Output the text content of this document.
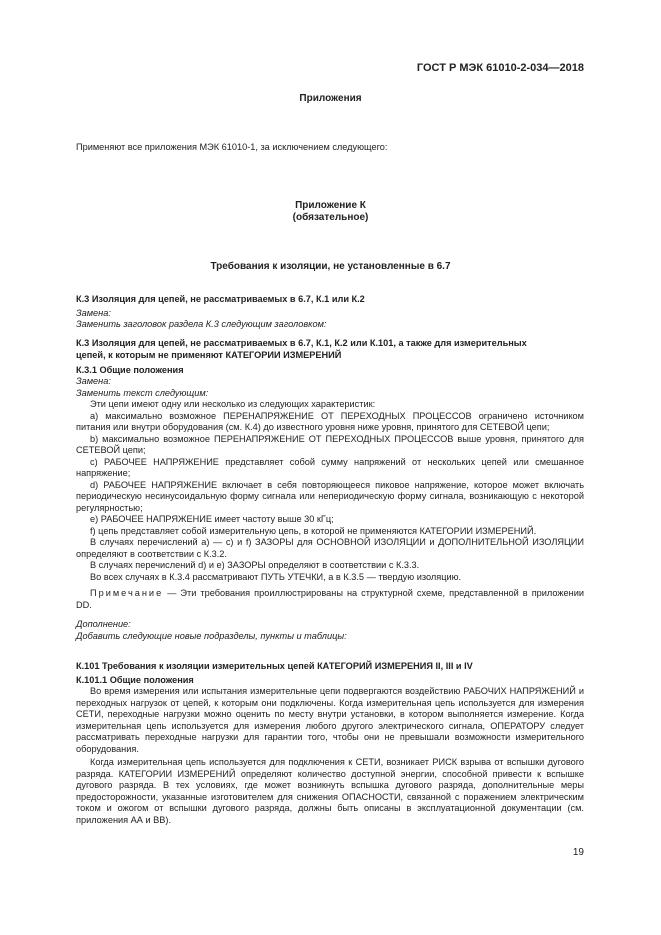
ГОСТ Р МЭК 61010-2-034—2018
Приложения
Применяют все приложения МЭК 61010-1, за исключением следующего:
Приложение К
(обязательное)
Требования к изоляции, не установленные в 6.7
К.3 Изоляция для цепей, не рассматриваемых в 6.7, К.1 или К.2
Замена:
Заменить заголовок раздела К.3 следующим заголовком:
К.3 Изоляция для цепей, не рассматриваемых в 6.7, К.1, К.2 или К.101, а также для измерительных
цепей, к которым не применяют КАТЕГОРИИ ИЗМЕРЕНИЙ
К.3.1 Общие положения
Замена:
Заменить текст следующим:

Эти цепи имеют одну или несколько из следующих характеристик:

а) максимально возможное ПЕРЕНАПРЯЖЕНИЕ ОТ ПЕРЕХОДНЫХ ПРОЦЕССОВ ограничено источником питания или внутри оборудования (см. К.4) до известного уровня ниже уровня, принятого для СЕТЕВОЙ цепи;

b) максимально возможное ПЕРЕНАПРЯЖЕНИЕ ОТ ПЕРЕХОДНЫХ ПРОЦЕССОВ выше уровня, принятого для СЕТЕВОЙ цепи;

с) РАБОЧЕЕ НАПРЯЖЕНИЕ представляет собой сумму напряжений от нескольких цепей или смешанное напряжение;

d) РАБОЧЕЕ НАПРЯЖЕНИЕ включает в себя повторяющееся пиковое напряжение, которое может включать периодическую несинусоидальную форму сигнала или непериодическую форму сигнала, возникающую с некоторой регулярностью;

е) РАБОЧЕЕ НАПРЯЖЕНИЕ имеет частоту выше 30 кГц;

f) цепь представляет собой измерительную цепь, в которой не применяются КАТЕГОРИИ ИЗМЕРЕНИЙ.

В случаях перечислений а) — с) и f) ЗАЗОРЫ для ОСНОВНОЙ ИЗОЛЯЦИИ и ДОПОЛНИТЕЛЬНОЙ ИЗОЛЯЦИИ определяют в соответствии с К.3.2.

В случаях перечислений d) и е) ЗАЗОРЫ определяют в соответствии с К.3.3.

Во всех случаях в К.3.4 рассматривают ПУТЬ УТЕЧКИ, а в К.3.5 — твердую изоляцию.

Примечание — Эти требования проиллюстрированы на структурной схеме, представленной в приложении DD.

Дополнение:

Добавить следующие новые подразделы, пункты и таблицы:

К.101 Требования к изоляции измерительных цепей КАТЕГОРИЙ ИЗМЕРЕНИЯ II, III и IV
К.101.1 Общие положения

Во время измерения или испытания измерительные цепи подвергаются воздействию РАБОЧИХ НАПРЯЖЕНИЙ и переходных нагрузок от цепей, к которым они подключены. Когда измерительная цепь используется для измерения СЕТИ, переходные нагрузки можно оценить по месту внутри установки, в котором выполняется измерение. Когда измерительная цепь используется для измерения любого другого электрического сигнала, ОПЕРАТОРУ следует рассматривать переходные нагрузки для гарантии того, чтобы они не превышали возможности измерительного оборудования.

Когда измерительная цепь используется для подключения к СЕТИ, возникает РИСК взрыва от вспышки дугового разряда. КАТЕГОРИИ ИЗМЕРЕНИЙ определяют количество доступной энергии, способной привести к вспышке дугового разряда. В тех условиях, где может возникнуть вспышка дугового разряда, дополнительные меры предосторожности, указанные изготовителем для снижения ОПАСНОСТИ, связанной с поражением электрическим током и ожогом от вспышки дугового разряда, должны быть описаны в эксплуатационной документации (см. приложения АА и ВВ).

19
